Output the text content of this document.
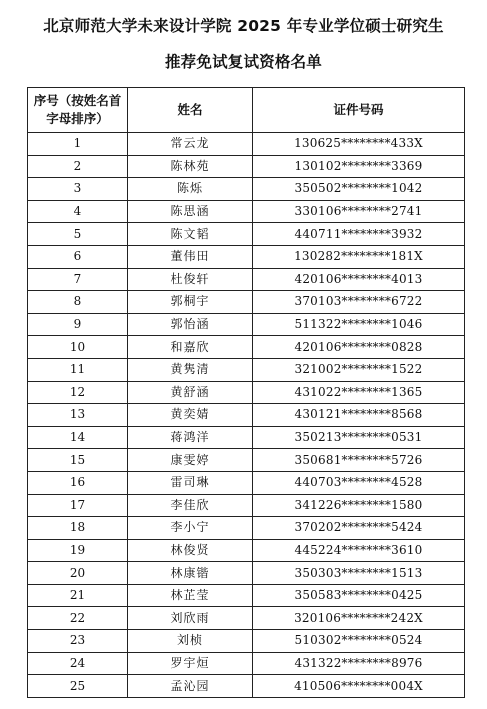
北京师范大学未来设计学院 2025 年专业学位硕士研究生
推荐免试复试资格名单
序号（按姓名首字母排序）	姓名	证件号码
1	常云龙	130625********433X
2	陈林苑	130102********3369
3	陈烁	350502********1042
4	陈思涵	330106********2741
5	陈文韬	440711********3932
6	董伟田	130282********181X
7	杜俊轩	420106********4013
8	郭桐宇	370103********6722
9	郭怡涵	511322********1046
10	和嘉欣	420106********0828
11	黄隽清	321002********1522
12	黄舒涵	431022********1365
13	黄奕婧	430121********8568
14	蒋鸿洋	350213********0531
15	康雯婷	350681********5726
16	雷司琳	440703********4528
17	李佳欣	341226********1580
18	李小宁	370202********5424
19	林俊贤	445224********3610
20	林康锴	350303********1513
21	林芷莹	350583********0425
22	刘欣雨	320106********242X
23	刘桢	510302********0524
24	罗宇烜	431322********8976
25	孟沁园	410506********004X
